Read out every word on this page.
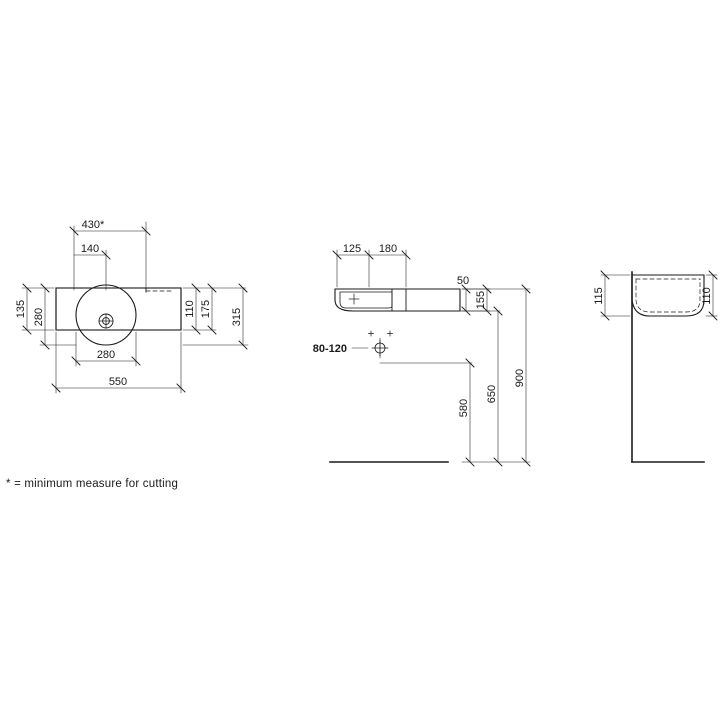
430*
140
280
550
135 280	110 175 315
125 180
80-120
50
155
580
650
900
115	110
* = minimum measure for cutting
